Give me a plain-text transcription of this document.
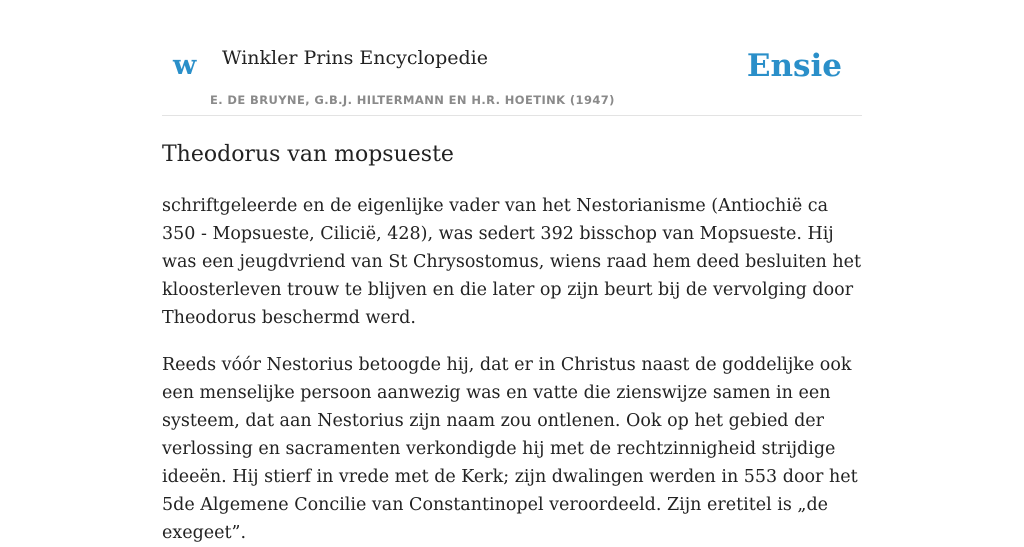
w Winkler Prins Encyclopedie
E. DE BRUYNE, G.B.J. HILTERMANN EN H.R. HOETINK (1947)
Ensie
Theodorus van mopsueste

schriftgeleerde en de eigenlijke vader van het Nestorianisme (Antiochië ca 350 - Mopsueste, Cilicië, 428), was sedert 392 bisschop van Mopsueste. Hij was een jeugdvriend van St Chrysostomus, wiens raad hem deed besluiten het kloosterleven trouw te blijven en die later op zijn beurt bij de vervolging door Theodorus beschermd werd.

Reeds vóór Nestorius betoogde hij, dat er in Christus naast de goddelijke ook een menselijke persoon aanwezig was en vatte die zienswijze samen in een systeem, dat aan Nestorius zijn naam zou ontlenen. Ook op het gebied der verlossing en sacramenten verkondigde hij met de rechtzinnigheid strijdige ideeën. Hij stierf in vrede met de Kerk; zijn dwalingen werden in 553 door het 5de Algemene Concilie van Constantinopel veroordeeld. Zijn eretitel is „de exegeet”.
